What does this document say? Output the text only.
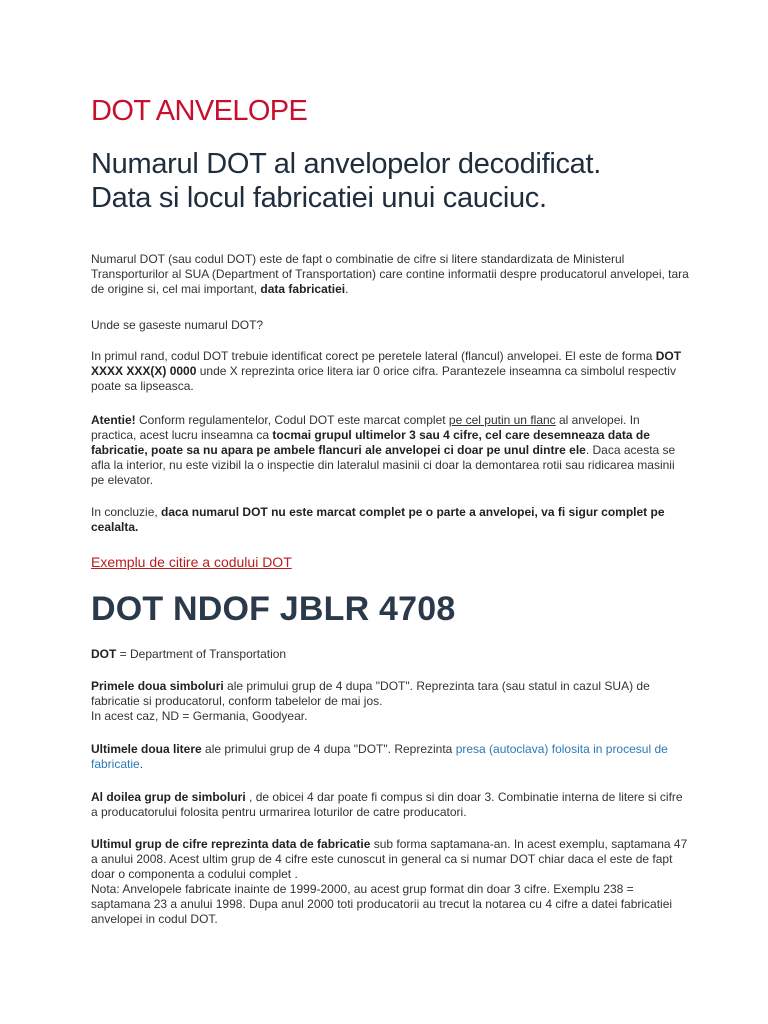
DOT ANVELOPE
Numarul DOT al anvelopelor decodificat.
Data si locul fabricatiei unui cauciuc.

Numarul DOT (sau codul DOT) este de fapt o combinatie de cifre si litere standardizata de Ministerul Transporturilor al SUA (Department of Transportation) care contine informatii despre producatorul anvelopei, tara de origine si, cel mai important, data fabricatiei.

Unde se gaseste numarul DOT?

In primul rand, codul DOT trebuie identificat corect pe peretele lateral (flancul) anvelopei. El este de forma DOT XXXX XXX(X) 0000 unde X reprezinta orice litera iar 0 orice cifra. Parantezele inseamna ca simbolul respectiv poate sa lipseasca.

Atentie! Conform regulamentelor, Codul DOT este marcat complet pe cel putin un flanc al anvelopei. In practica, acest lucru inseamna ca tocmai grupul ultimelor 3 sau 4 cifre, cel care desemneaza data de fabricatie, poate sa nu apara pe ambele flancuri ale anvelopei ci doar pe unul dintre ele. Daca acesta se afla la interior, nu este vizibil la o inspectie din lateralul masinii ci doar la demontarea rotii sau ridicarea masinii pe elevator.

In concluzie, daca numarul DOT nu este marcat complet pe o parte a anvelopei, va fi sigur complet pe cealalta.

Exemplu de citire a codului DOT
DOT NDOF JBLR 4708

DOT = Department of Transportation

Primele doua simboluri ale primului grup de 4 dupa "DOT". Reprezinta tara (sau statul in cazul SUA) de fabricatie si producatorul, conform tabelelor de mai jos.
In acest caz, ND = Germania, Goodyear.

Ultimele doua litere ale primului grup de 4 dupa "DOT". Reprezinta presa (autoclava) folosita in procesul de fabricatie.

Al doilea grup de simboluri , de obicei 4 dar poate fi compus si din doar 3. Combinatie interna de litere si cifre a producatorului folosita pentru urmarirea loturilor de catre producatori.

Ultimul grup de cifre reprezinta data de fabricatie sub forma saptamana-an. In acest exemplu, saptamana 47 a anului 2008. Acest ultim grup de 4 cifre este cunoscut in general ca si numar DOT chiar daca el este de fapt doar o componenta a codului complet .
Nota: Anvelopele fabricate inainte de 1999-2000, au acest grup format din doar 3 cifre. Exemplu 238 = saptamana 23 a anului 1998. Dupa anul 2000 toti producatorii au trecut la notarea cu 4 cifre a datei fabricatiei anvelopei in codul DOT.
